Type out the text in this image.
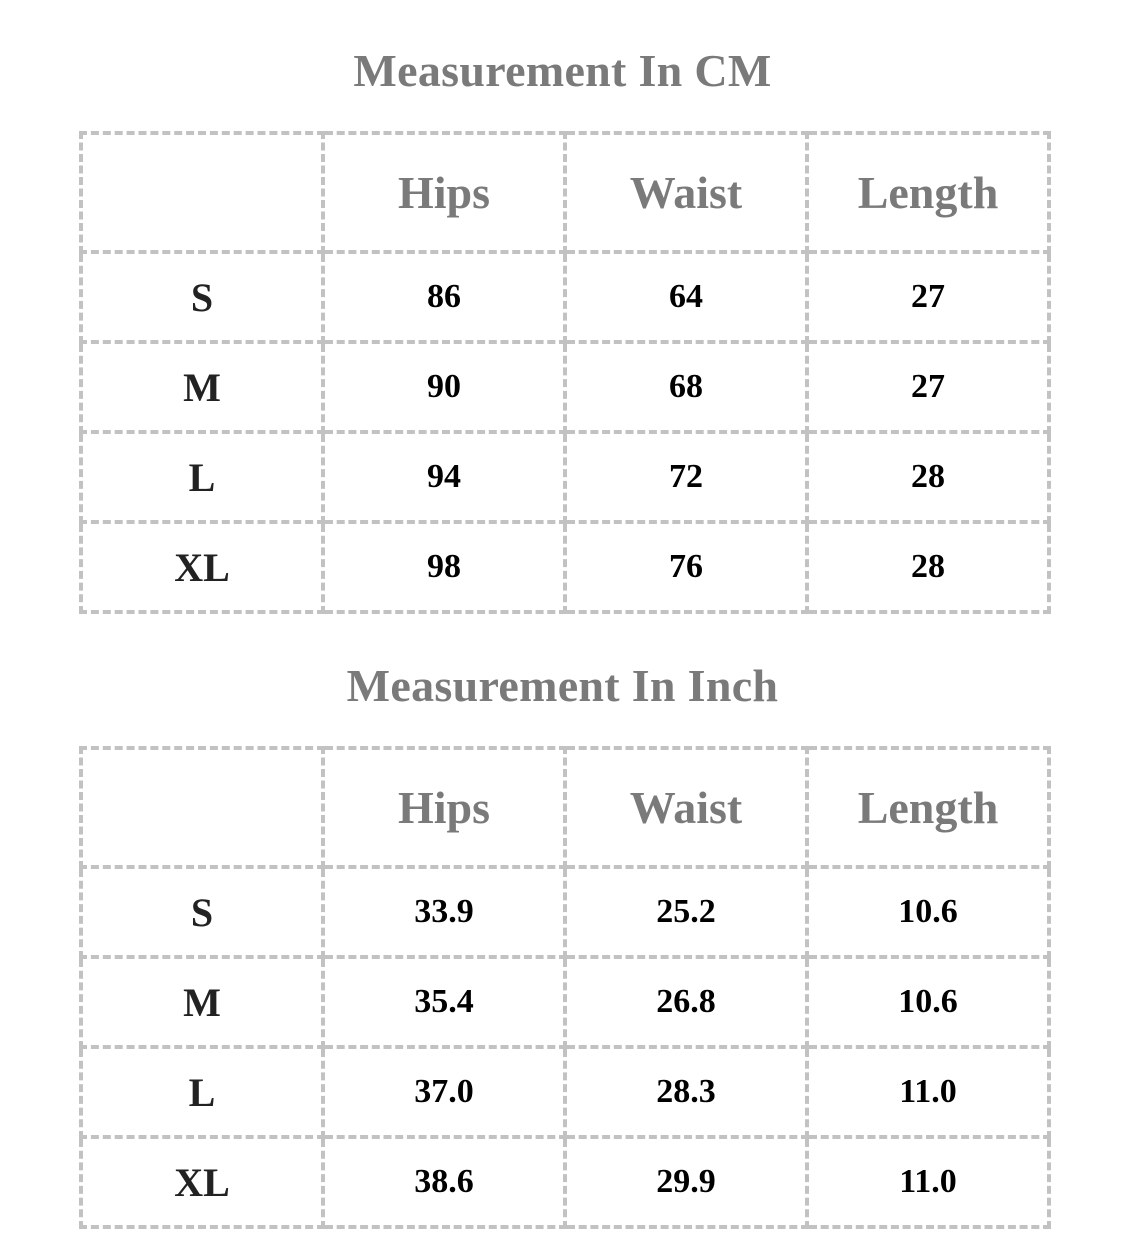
Measurement In CM
	Hips	Waist	Length
S	86	64	27
M	90	68	27
L	94	72	28
XL	98	76	28
Measurement In Inch
	Hips	Waist	Length
S	33.9	25.2	10.6
M	35.4	26.8	10.6
L	37.0	28.3	11.0
XL	38.6	29.9	11.0
